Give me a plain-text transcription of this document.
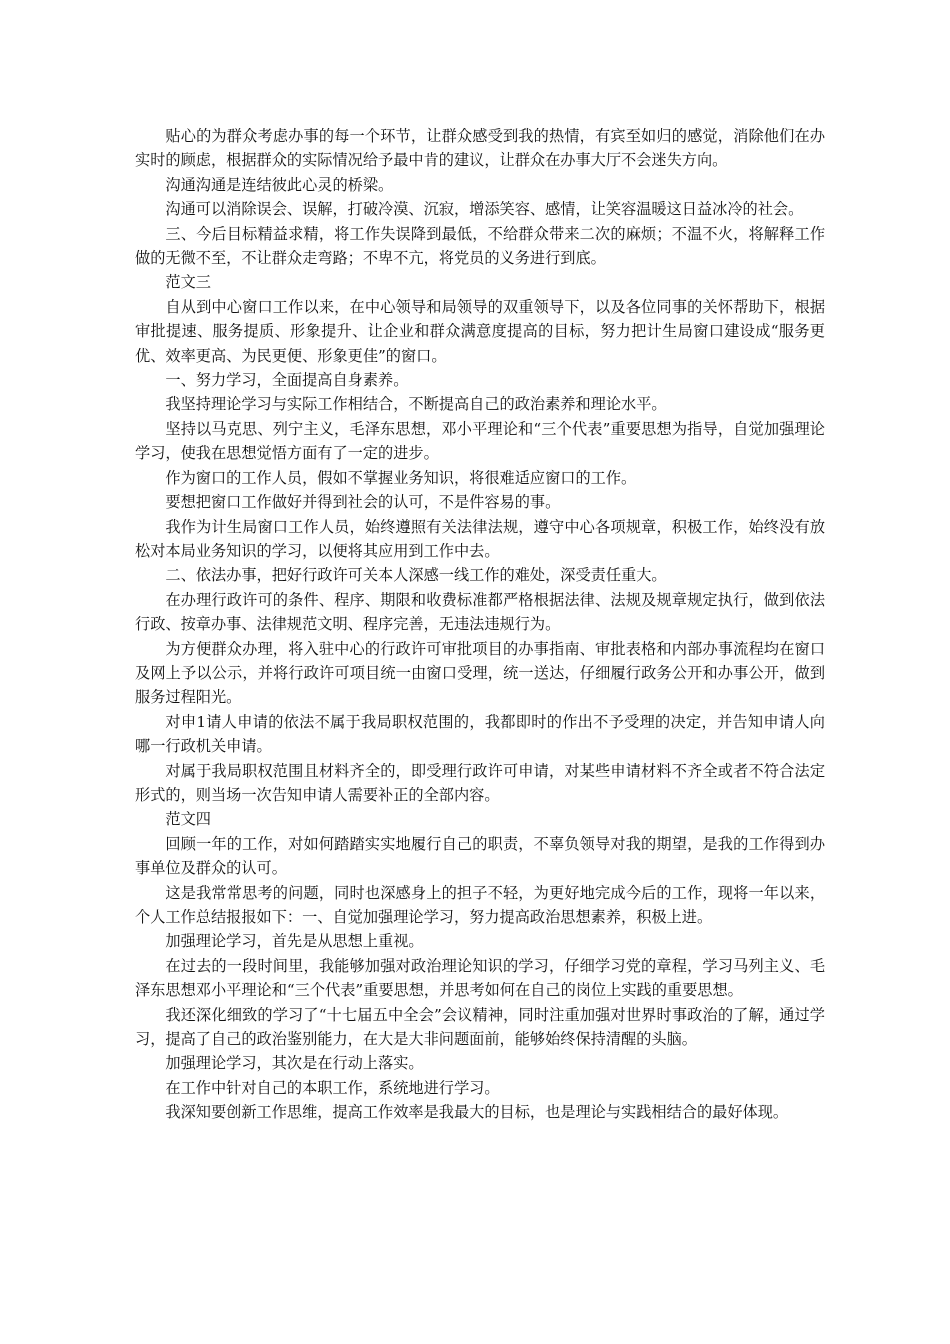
贴心的为群众考虑办事的每一个环节，让群众感受到我的热情，有宾至如归的感觉，消除他们在办实时的顾虑，根据群众的实际情况给予最中肯的建议，让群众在办事大厅不会迷失方向。

沟通沟通是连结彼此心灵的桥梁。

沟通可以消除误会、误解，打破冷漠、沉寂，增添笑容、感情，让笑容温暖这日益冰冷的社会。

三、今后目标精益求精，将工作失误降到最低，不给群众带来二次的麻烦；不温不火，将解释工作做的无微不至，不让群众走弯路；不卑不亢，将党员的义务进行到底。

范文三

自从到中心窗口工作以来，在中心领导和局领导的双重领导下，以及各位同事的关怀帮助下，根据审批提速、服务提质、形象提升、让企业和群众满意度提高的目标，努力把计生局窗口建设成“服务更优、效率更高、为民更便、形象更佳”的窗口。

一、努力学习，全面提高自身素养。

我坚持理论学习与实际工作相结合，不断提高自己的政治素养和理论水平。

坚持以马克思、列宁主义，毛泽东思想，邓小平理论和“三个代表”重要思想为指导，自觉加强理论学习，使我在思想觉悟方面有了一定的进步。

作为窗口的工作人员，假如不掌握业务知识，将很难适应窗口的工作。

要想把窗口工作做好并得到社会的认可，不是件容易的事。

我作为计生局窗口工作人员，始终遵照有关法律法规，遵守中心各项规章，积极工作，始终没有放松对本局业务知识的学习，以便将其应用到工作中去。

二、依法办事，把好行政许可关本人深感一线工作的难处，深受责任重大。

在办理行政许可的条件、程序、期限和收费标准都严格根据法律、法规及规章规定执行，做到依法行政、按章办事、法律规范文明、程序完善，无违法违规行为。

为方便群众办理，将入驻中心的行政许可审批项目的办事指南、审批表格和内部办事流程均在窗口及网上予以公示，并将行政许可项目统一由窗口受理，统一送达，仔细履行政务公开和办事公开，做到服务过程阳光。

对申1请人申请的依法不属于我局职权范围的，我都即时的作出不予受理的决定，并告知申请人向哪一行政机关申请。

对属于我局职权范围且材料齐全的，即受理行政许可申请，对某些申请材料不齐全或者不符合法定形式的，则当场一次告知申请人需要补正的全部内容。

范文四

回顾一年的工作，对如何踏踏实实地履行自己的职责，不辜负领导对我的期望，是我的工作得到办事单位及群众的认可。

这是我常常思考的问题，同时也深感身上的担子不轻，为更好地完成今后的工作，现将一年以来，个人工作总结报报如下：一、自觉加强理论学习，努力提高政治思想素养，积极上进。

加强理论学习，首先是从思想上重视。

在过去的一段时间里，我能够加强对政治理论知识的学习，仔细学习党的章程，学习马列主义、毛泽东思想邓小平理论和“三个代表”重要思想，并思考如何在自己的岗位上实践的重要思想。

我还深化细致的学习了“十七届五中全会”会议精神，同时注重加强对世界时事政治的了解，通过学习，提高了自己的政治鉴别能力，在大是大非问题面前，能够始终保持清醒的头脑。

加强理论学习，其次是在行动上落实。

在工作中针对自己的本职工作，系统地进行学习。

我深知要创新工作思维，提高工作效率是我最大的目标，也是理论与实践相结合的最好体现。
